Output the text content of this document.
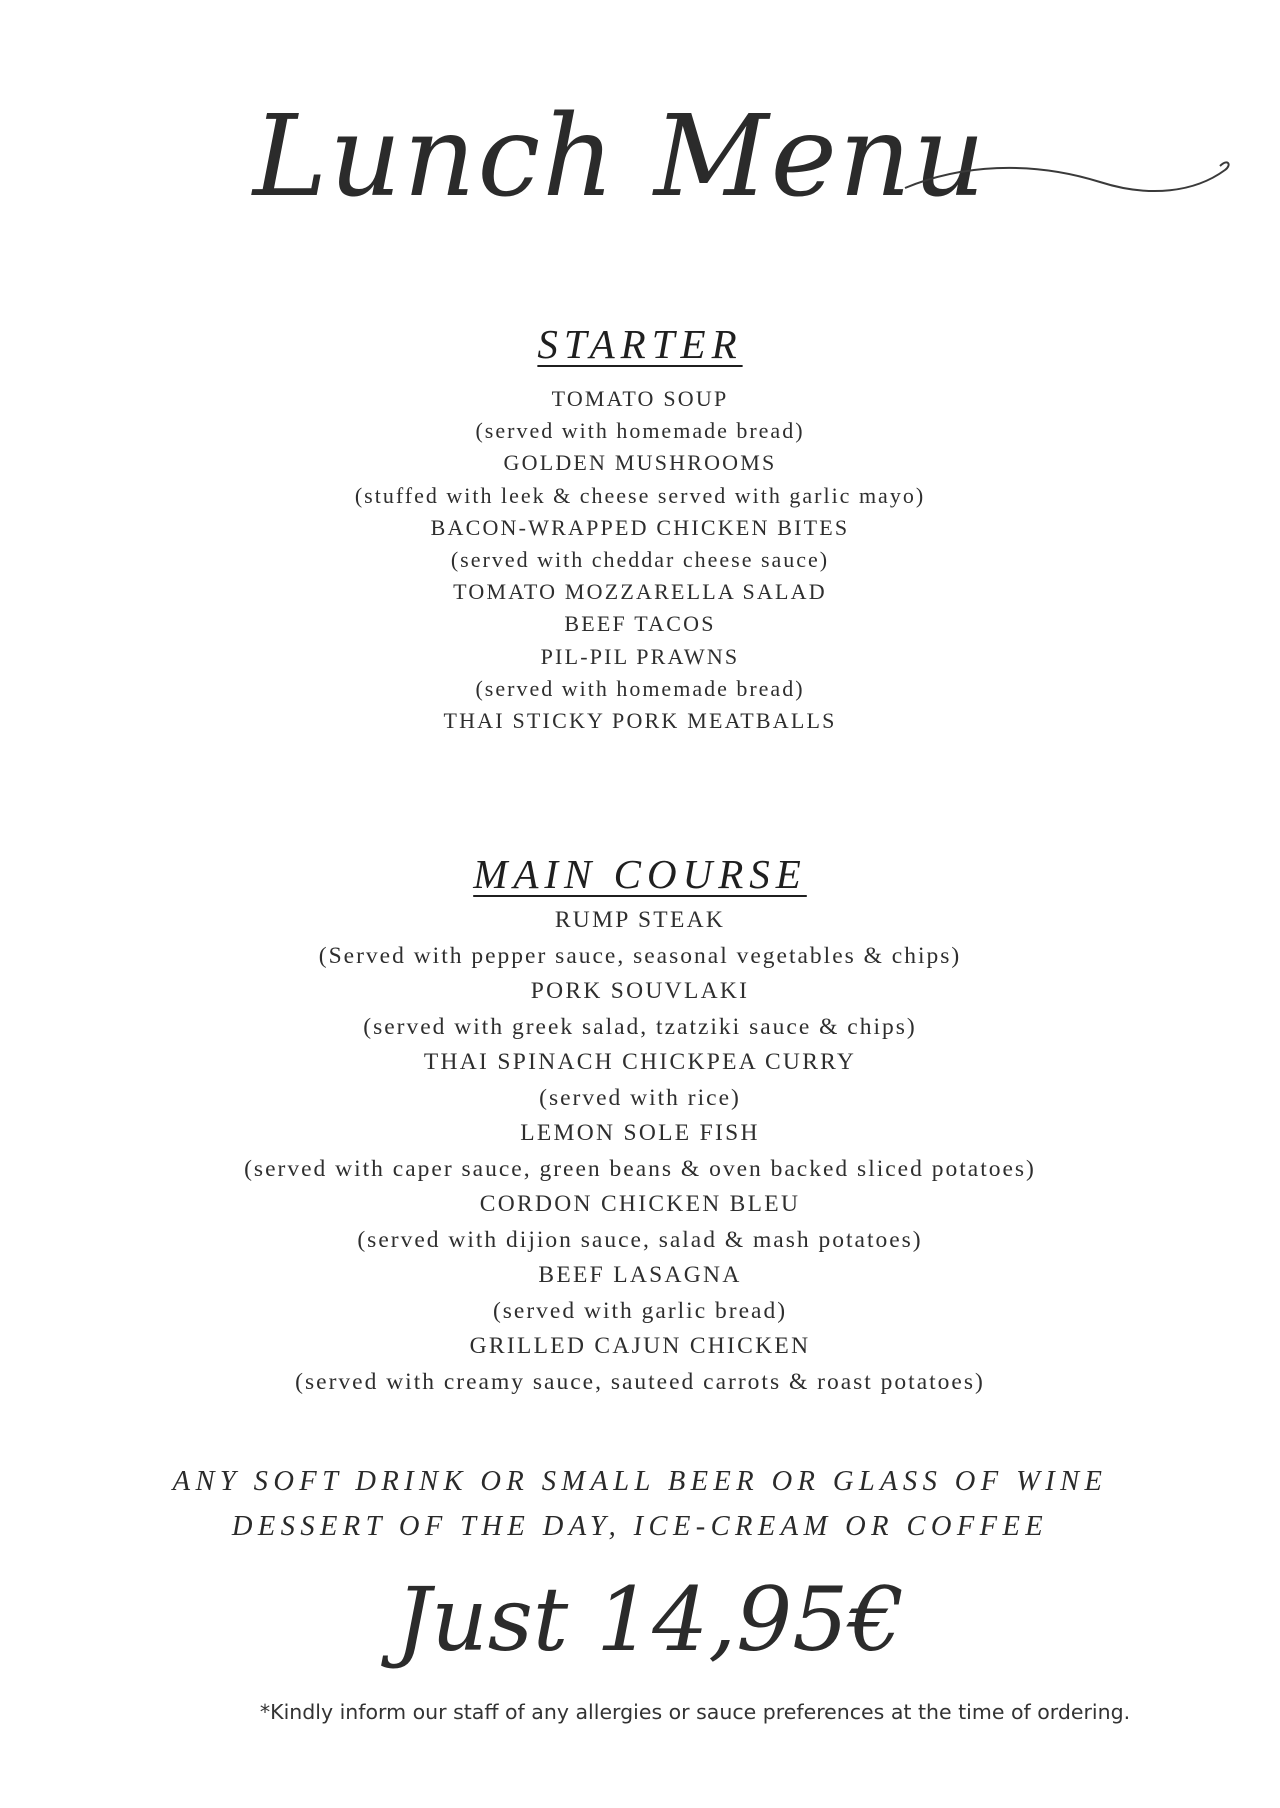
Lunch Menu
STARTER
TOMATO SOUP
(served with homemade bread)
GOLDEN MUSHROOMS
(stuffed with leek & cheese served with garlic mayo)
BACON-WRAPPED CHICKEN BITES
(served with cheddar cheese sauce)
TOMATO MOZZARELLA SALAD
BEEF TACOS
PIL-PIL PRAWNS
(served with homemade bread)
THAI STICKY PORK MEATBALLS
MAIN COURSE
RUMP STEAK
(Served with pepper sauce, seasonal vegetables & chips)
PORK SOUVLAKI
(served with greek salad, tzatziki sauce & chips)
THAI SPINACH CHICKPEA CURRY
(served with rice)
LEMON SOLE FISH
(served with caper sauce, green beans & oven backed sliced potatoes)
CORDON CHICKEN BLEU
(served with dijion sauce, salad & mash potatoes)
BEEF LASAGNA
(served with garlic bread)
GRILLED CAJUN CHICKEN
(served with creamy sauce, sauteed carrots & roast potatoes)
ANY SOFT DRINK OR SMALL BEER OR GLASS OF WINE
DESSERT OF THE DAY, ICE-CREAM OR COFFEE
Just 14,95€
*Kindly inform our staff of any allergies or sauce preferences at the time of ordering.
